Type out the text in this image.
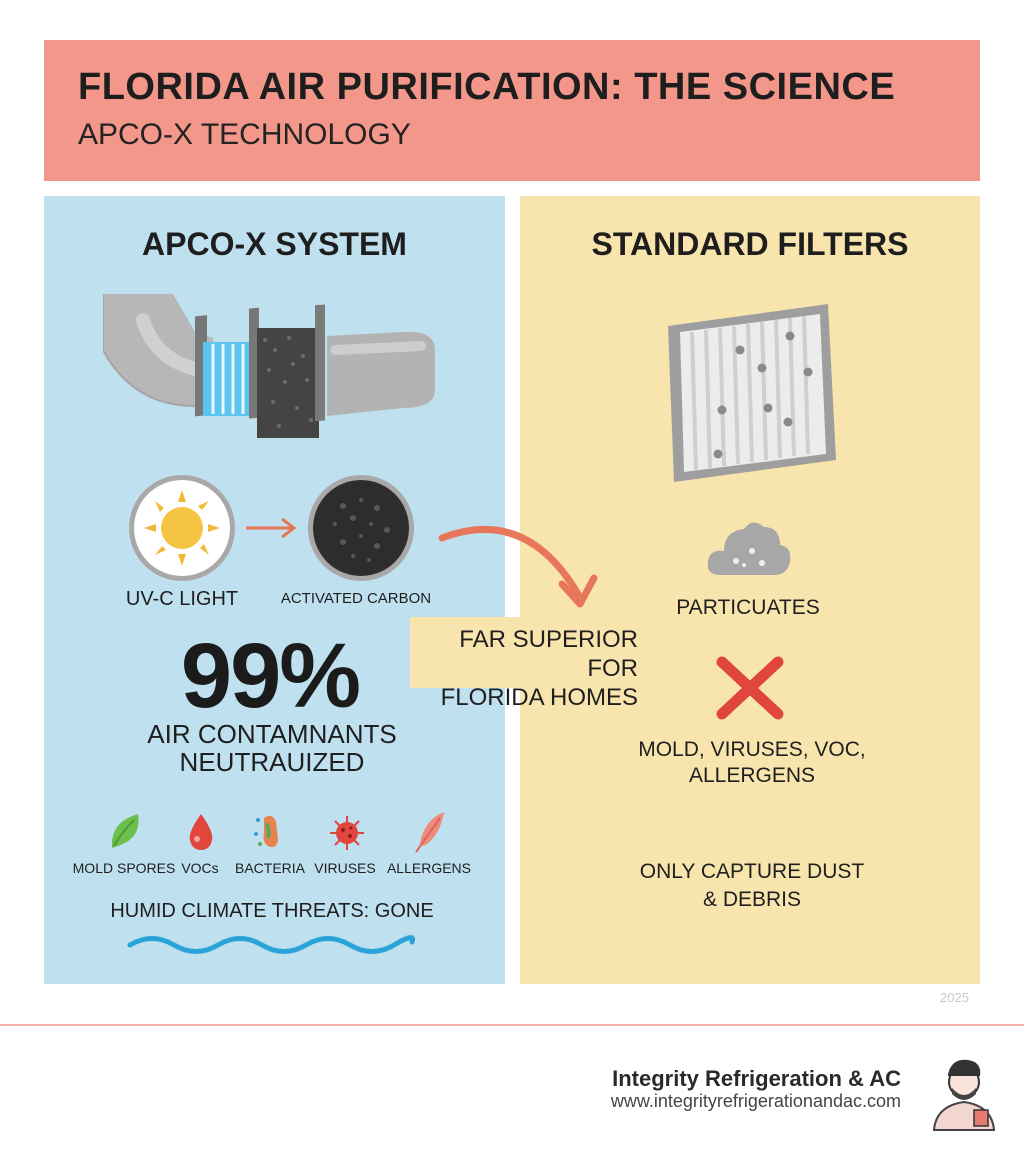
FLORIDA AIR PURIFICATION: THE SCIENCE
APCO-X TECHNOLOGY
APCO-X SYSTEM
UV-C LIGHT	ACTIVATED CARBON
99%
AIR CONTAMNANTS
NEUTRAUIZED
MOLD SPORES VOCs	BACTERIA VIRUSES ALLERGENS
HUMID CLIMATE THREATS: GONE
STANDARD FILTERS
PARTICUATES
MOLD, VIRUSES, VOC,
ALLERGENS
ONLY CAPTURE DUST
& DEBRIS
FAR SUPERIOR FOR
FLORIDA HOMES
2025
Integrity Refrigeration & AC
www.integrityrefrigerationandac.com
